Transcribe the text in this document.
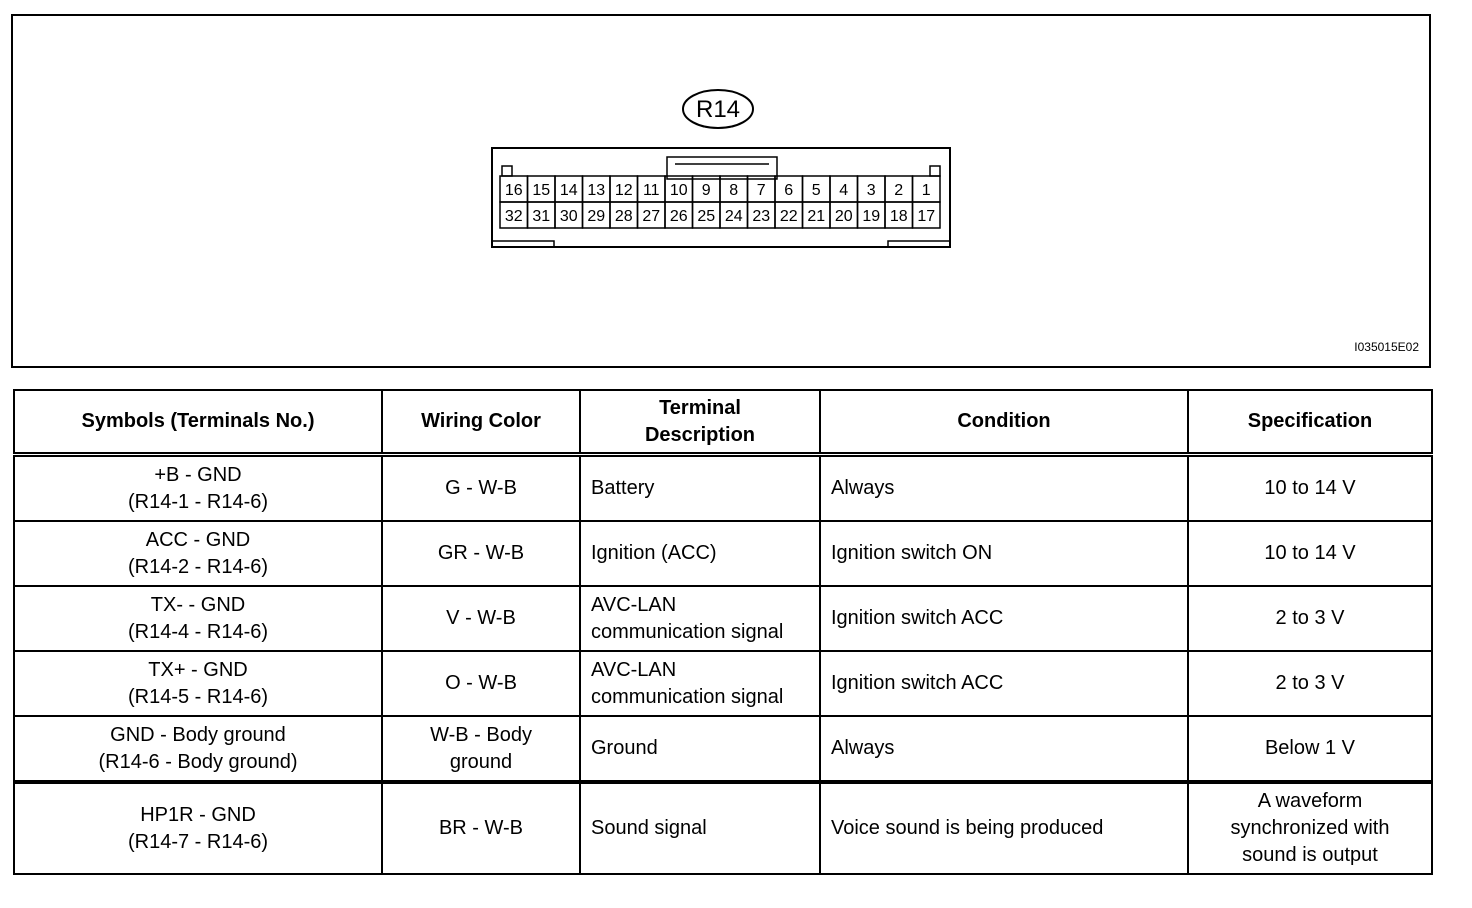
R14
16 15 14 13 12 11 10 9 8 7 6 5 4 3 2 1
32 31 30 29 28 27 26 25 24 23 22 21 20 19 18 17
I035015E02
Symbols (Terminals No.)	Wiring Color	Terminal
Description	Condition	Specification
+B - GND
(R14-1 - R14-6)	G - W-B	Battery	Always	10 to 14 V
ACC - GND
(R14-2 - R14-6)	GR - W-B	Ignition (ACC)	Ignition switch ON	10 to 14 V
TX- - GND
(R14-4 - R14-6)	V - W-B	AVC-LAN
communication signal	Ignition switch ACC	2 to 3 V
TX+ - GND
(R14-5 - R14-6)	O - W-B	AVC-LAN
communication signal	Ignition switch ACC	2 to 3 V
GND - Body ground
(R14-6 - Body ground)	W-B - Body
ground	Ground	Always	Below 1 V
HP1R - GND
(R14-7 - R14-6)	BR - W-B	Sound signal	Voice sound is being produced	A waveform
synchronized with
sound is output
